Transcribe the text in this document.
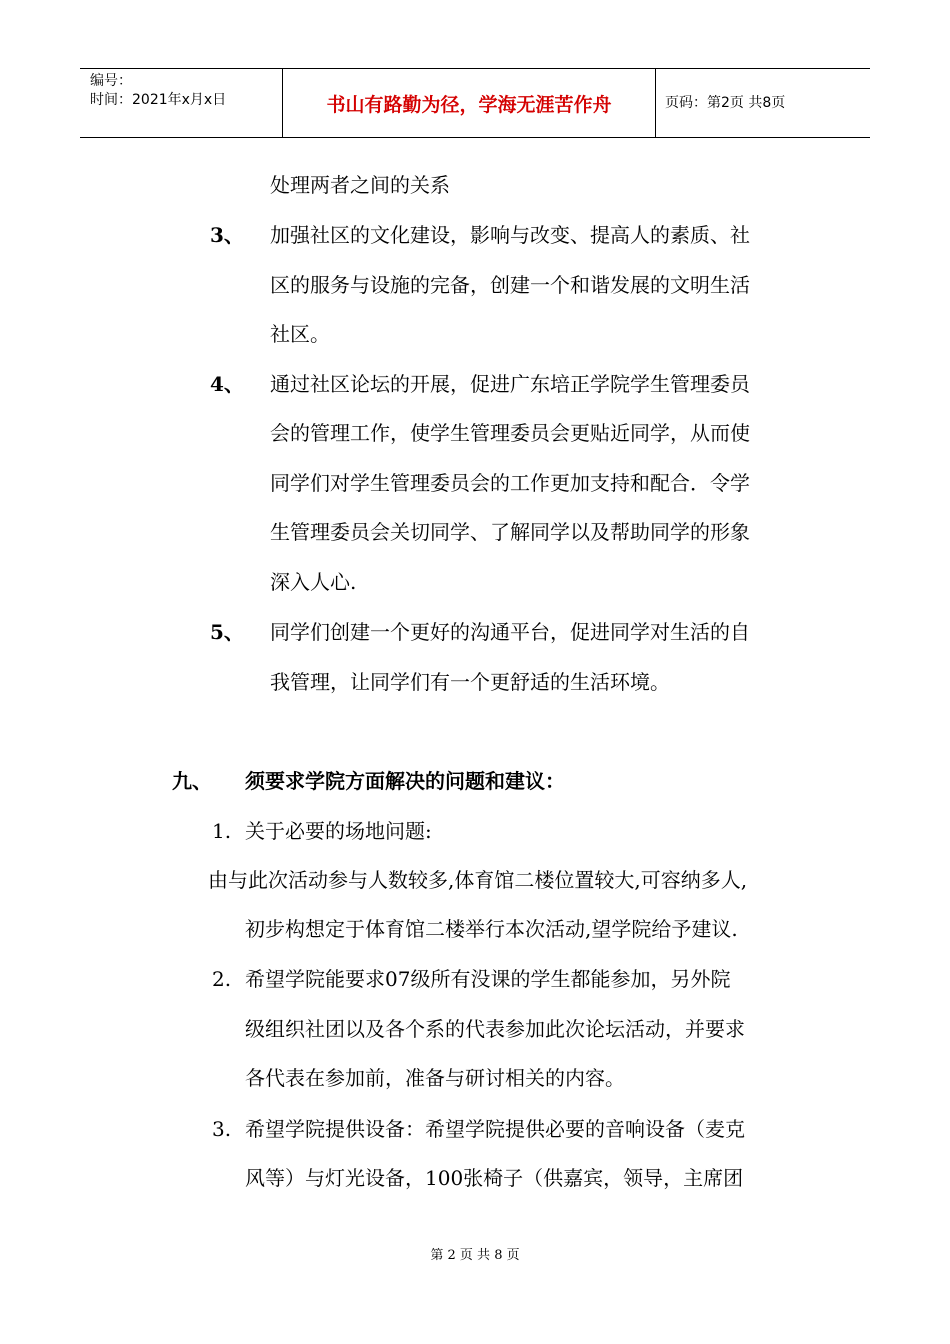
编号：
时间：2021年x月x日	书山有路勤为径，学海无涯苦作舟	页码：第2页 共8页
处理两者之间的关系
3、 加强社区的文化建设，影响与改变、提高人的素质、社
区的服务与设施的完备，创建一个和谐发展的文明生活
社区。
4、 通过社区论坛的开展，促进广东培正学院学生管理委员
会的管理工作，使学生管理委员会更贴近同学，从而使
同学们对学生管理委员会的工作更加支持和配合．令学
生管理委员会关切同学、了解同学以及帮助同学的形象
深入人心.
5、 同学们创建一个更好的沟通平台，促进同学对生活的自
我管理，让同学们有一个更舒适的生活环境。
九、 须要求学院方面解决的问题和建议：
1. 关于必要的场地问题:
由与此次活动参与人数较多,体育馆二楼位置较大,可容纳多人,
初步构想定于体育馆二楼举行本次活动,望学院给予建议.
2. 希望学院能要求07级所有没课的学生都能参加，另外院
级组织社团以及各个系的代表参加此次论坛活动，并要求
各代表在参加前，准备与研讨相关的内容。
3. 希望学院提供设备：希望学院提供必要的音响设备（麦克
风等）与灯光设备，100张椅子（供嘉宾，领导，主席团
第 2 页 共 8 页
